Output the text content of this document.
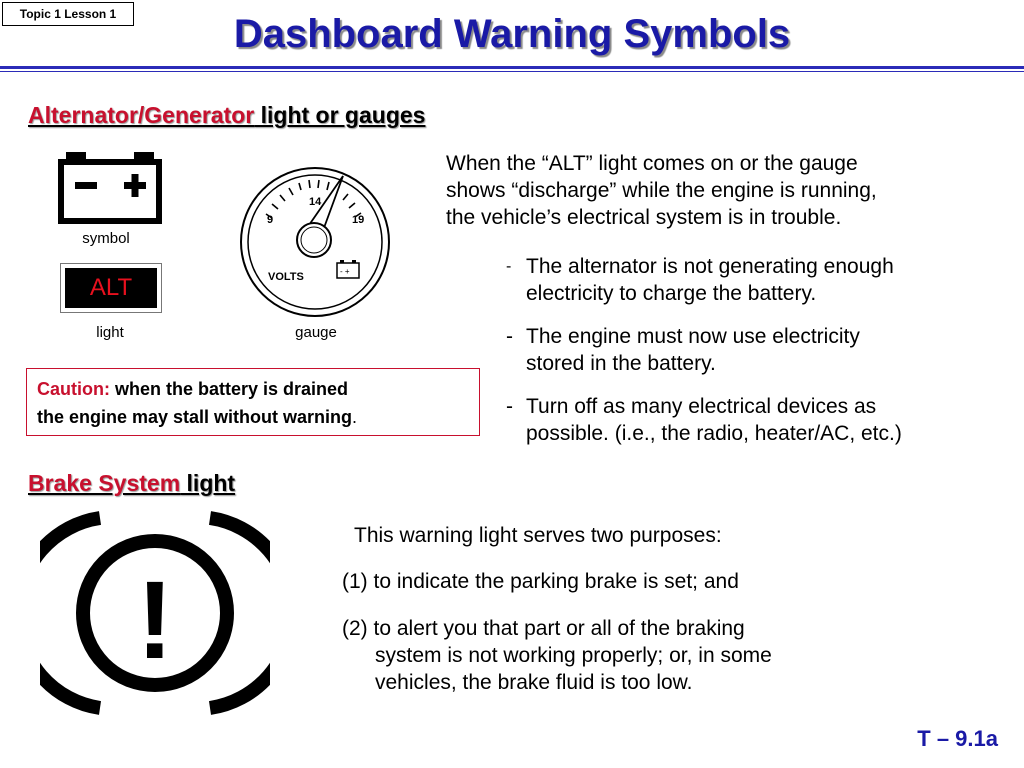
Topic 1 Lesson 1	Dashboard Warning Symbols
Alternator/Generator light or gauges
symbol
ALT
light
9
14
19
VOLTS	- +
gauge
Caution: when the battery is drained
the engine may stall without warning.
When the “ALT” light comes on or the gauge
shows “discharge” while the engine is running,
the vehicle’s electrical system is in trouble.
- The alternator is not generating enough
electricity to charge the battery.
- The engine must now use electricity
stored in the battery.
- Turn off as many electrical devices as
possible. (i.e., the radio, heater/AC, etc.)
Brake System light
!
This warning light serves two purposes:
(1) to indicate the parking brake is set; and
(2) to alert you that part or all of the braking
system is not working properly; or, in some
vehicles, the brake fluid is too low.
T – 9.1a
